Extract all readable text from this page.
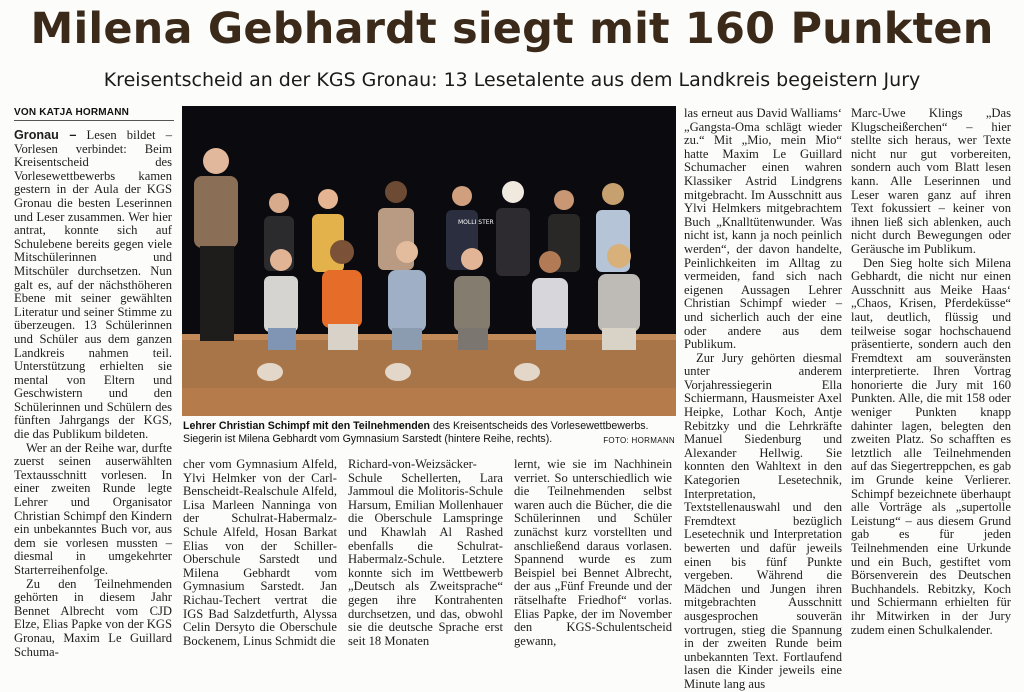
Milena Gebhardt siegt mit 160 Punkten
Kreisentscheid an der KGS Gronau: 13 Lesetalente aus dem Landkreis begeistern Jury
VON KATJA HORMANN

Gronau – Lesen bildet – Vorlesen verbindet: Beim Kreisentscheid des Vorlesewettbewerbs kamen gestern in der Aula der KGS Gronau die besten Leserinnen und Leser zusammen. Wer hier antrat, konnte sich auf Schulebene bereits gegen viele Mitschülerinnen und Mitschüler durchsetzen. Nun galt es, auf der nächsthöheren Ebene mit seiner gewählten Literatur und seiner Stimme zu überzeugen. 13 Schülerinnen und Schüler aus dem ganzen Landkreis nahmen teil. Unterstützung erhielten sie mental von Eltern und Geschwistern und den Schülerinnen und Schülern des fünften Jahrgangs der KGS, die das Publikum bildeten.

Wer an der Reihe war, durfte zuerst seinen auserwählten Textausschnitt vorlesen. In einer zweiten Runde legte Lehrer und Organisator Christian Schimpf den Kindern ein unbekanntes Buch vor, aus dem sie vorlesen mussten – diesmal in umgekehrter Starterreihenfolge.

Zu den Teilnehmenden gehörten in diesem Jahr Bennet Albrecht vom CJD Elze, Elias Papke von der KGS Gronau, Maxim Le Guillard Schuma-

MOLLI STER
Lehrer Christian Schimpf mit den Teilnehmenden des Kreisentscheids des Vorlesewettbewerbs. Siegerin ist Milena Gebhardt vom Gymnasium Sarstedt (hintere Reihe, rechts).	FOTO: HORMANN

cher vom Gymnasium Alfeld, Ylvi Helmker von der Carl-Benscheidt-Realschule Alfeld, Lisa Marleen Nanninga von der Schulrat-Habermalz-Schule Alfeld, Hosan Barkat Elias von der Schiller-Oberschule Sarstedt und Milena Gebhardt vom Gymnasium Sarstedt. Jan Richau-Techert vertrat die IGS Bad Salzdetfurth, Alyssa Celin Dersyto die Oberschule Bockenem, Linus Schmidt die

Richard-von-Weizsäcker-Schule Schellerten, Lara Jammoul die Molitoris-Schule Harsum, Emilian Mollenhauer die Oberschule Lamspringe und Khawlah Al Rashed ebenfalls die Schulrat-Habermalz-Schule. Letztere konnte sich im Wettbewerb „Deutsch als Zweitsprache“ gegen ihre Kontrahenten durchsetzen, und das, obwohl sie die deutsche Sprache erst seit 18 Monaten

lernt, wie sie im Nachhinein verriet. So unterschiedlich wie die Teilnehmenden selbst waren auch die Bücher, die die Schülerinnen und Schüler zunächst kurz vorstellten und anschließend daraus vorlasen. Spannend wurde es zum Beispiel bei Bennet Albrecht, der aus „Fünf Freunde und der rätselhafte Friedhof“ vorlas. Elias Papke, der im November den KGS-Schulentscheid gewann,

las erneut aus David Walliams‘ „Gangsta-Oma schlägt wieder zu.“ Mit „Mio, mein Mio“ hatte Maxim Le Guillard Schumacher einen wahren Klassiker Astrid Lindgrens mitgebracht. Im Ausschnitt aus Ylvi Helmkers mitgebrachtem Buch „Knalltütenwunder. Was nicht ist, kann ja noch peinlich werden“, der davon handelte, Peinlichkeiten im Alltag zu vermeiden, fand sich nach eigenen Aussagen Lehrer Christian Schimpf wieder – und sicherlich auch der eine oder andere aus dem Publikum.

Zur Jury gehörten diesmal unter anderem Vorjahressiegerin Ella Schiermann, Hausmeister Axel Heipke, Lothar Koch, Antje Rebitzky und die Lehrkräfte Manuel Siedenburg und Alexander Hellwig. Sie konnten den Wahltext in den Kategorien Lesetechnik, Interpretation, Textstellenauswahl und den Fremdtext bezüglich Lesetechnik und Interpretation bewerten und dafür jeweils einen bis fünf Punkte vergeben. Während die Mädchen und Jungen ihren mitgebrachten Ausschnitt ausgesprochen souverän vortrugen, stieg die Spannung in der zweiten Runde beim unbekannten Text. Fortlaufend lasen die Kinder jeweils eine Minute lang aus

Marc-Uwe Klings „Das Klugscheißerchen“ – hier stellte sich heraus, wer Texte nicht nur gut vorbereiten, sondern auch vom Blatt lesen kann. Alle Leserinnen und Leser waren ganz auf ihren Text fokussiert – keiner von ihnen ließ sich ablenken, auch nicht durch Bewegungen oder Geräusche im Publikum.

Den Sieg holte sich Milena Gebhardt, die nicht nur einen Ausschnitt aus Meike Haas‘ „Chaos, Krisen, Pferdeküsse“ laut, deutlich, flüssig und teilweise sogar hochschauend präsentierte, sondern auch den Fremdtext am souveränsten interpretierte. Ihren Vortrag honorierte die Jury mit 160 Punkten. Alle, die mit 158 oder weniger Punkten knapp dahinter lagen, belegten den zweiten Platz. So schafften es letztlich alle Teilnehmenden auf das Siegertreppchen, es gab im Grunde keine Verlierer. Schimpf bezeichnete überhaupt alle Vorträge als „supertolle Leistung“ – aus diesem Grund gab es für jeden Teilnehmenden eine Urkunde und ein Buch, gestiftet vom Börsenverein des Deutschen Buchhandels. Rebitzky, Koch und Schiermann erhielten für ihr Mitwirken in der Jury zudem einen Schulkalender.
